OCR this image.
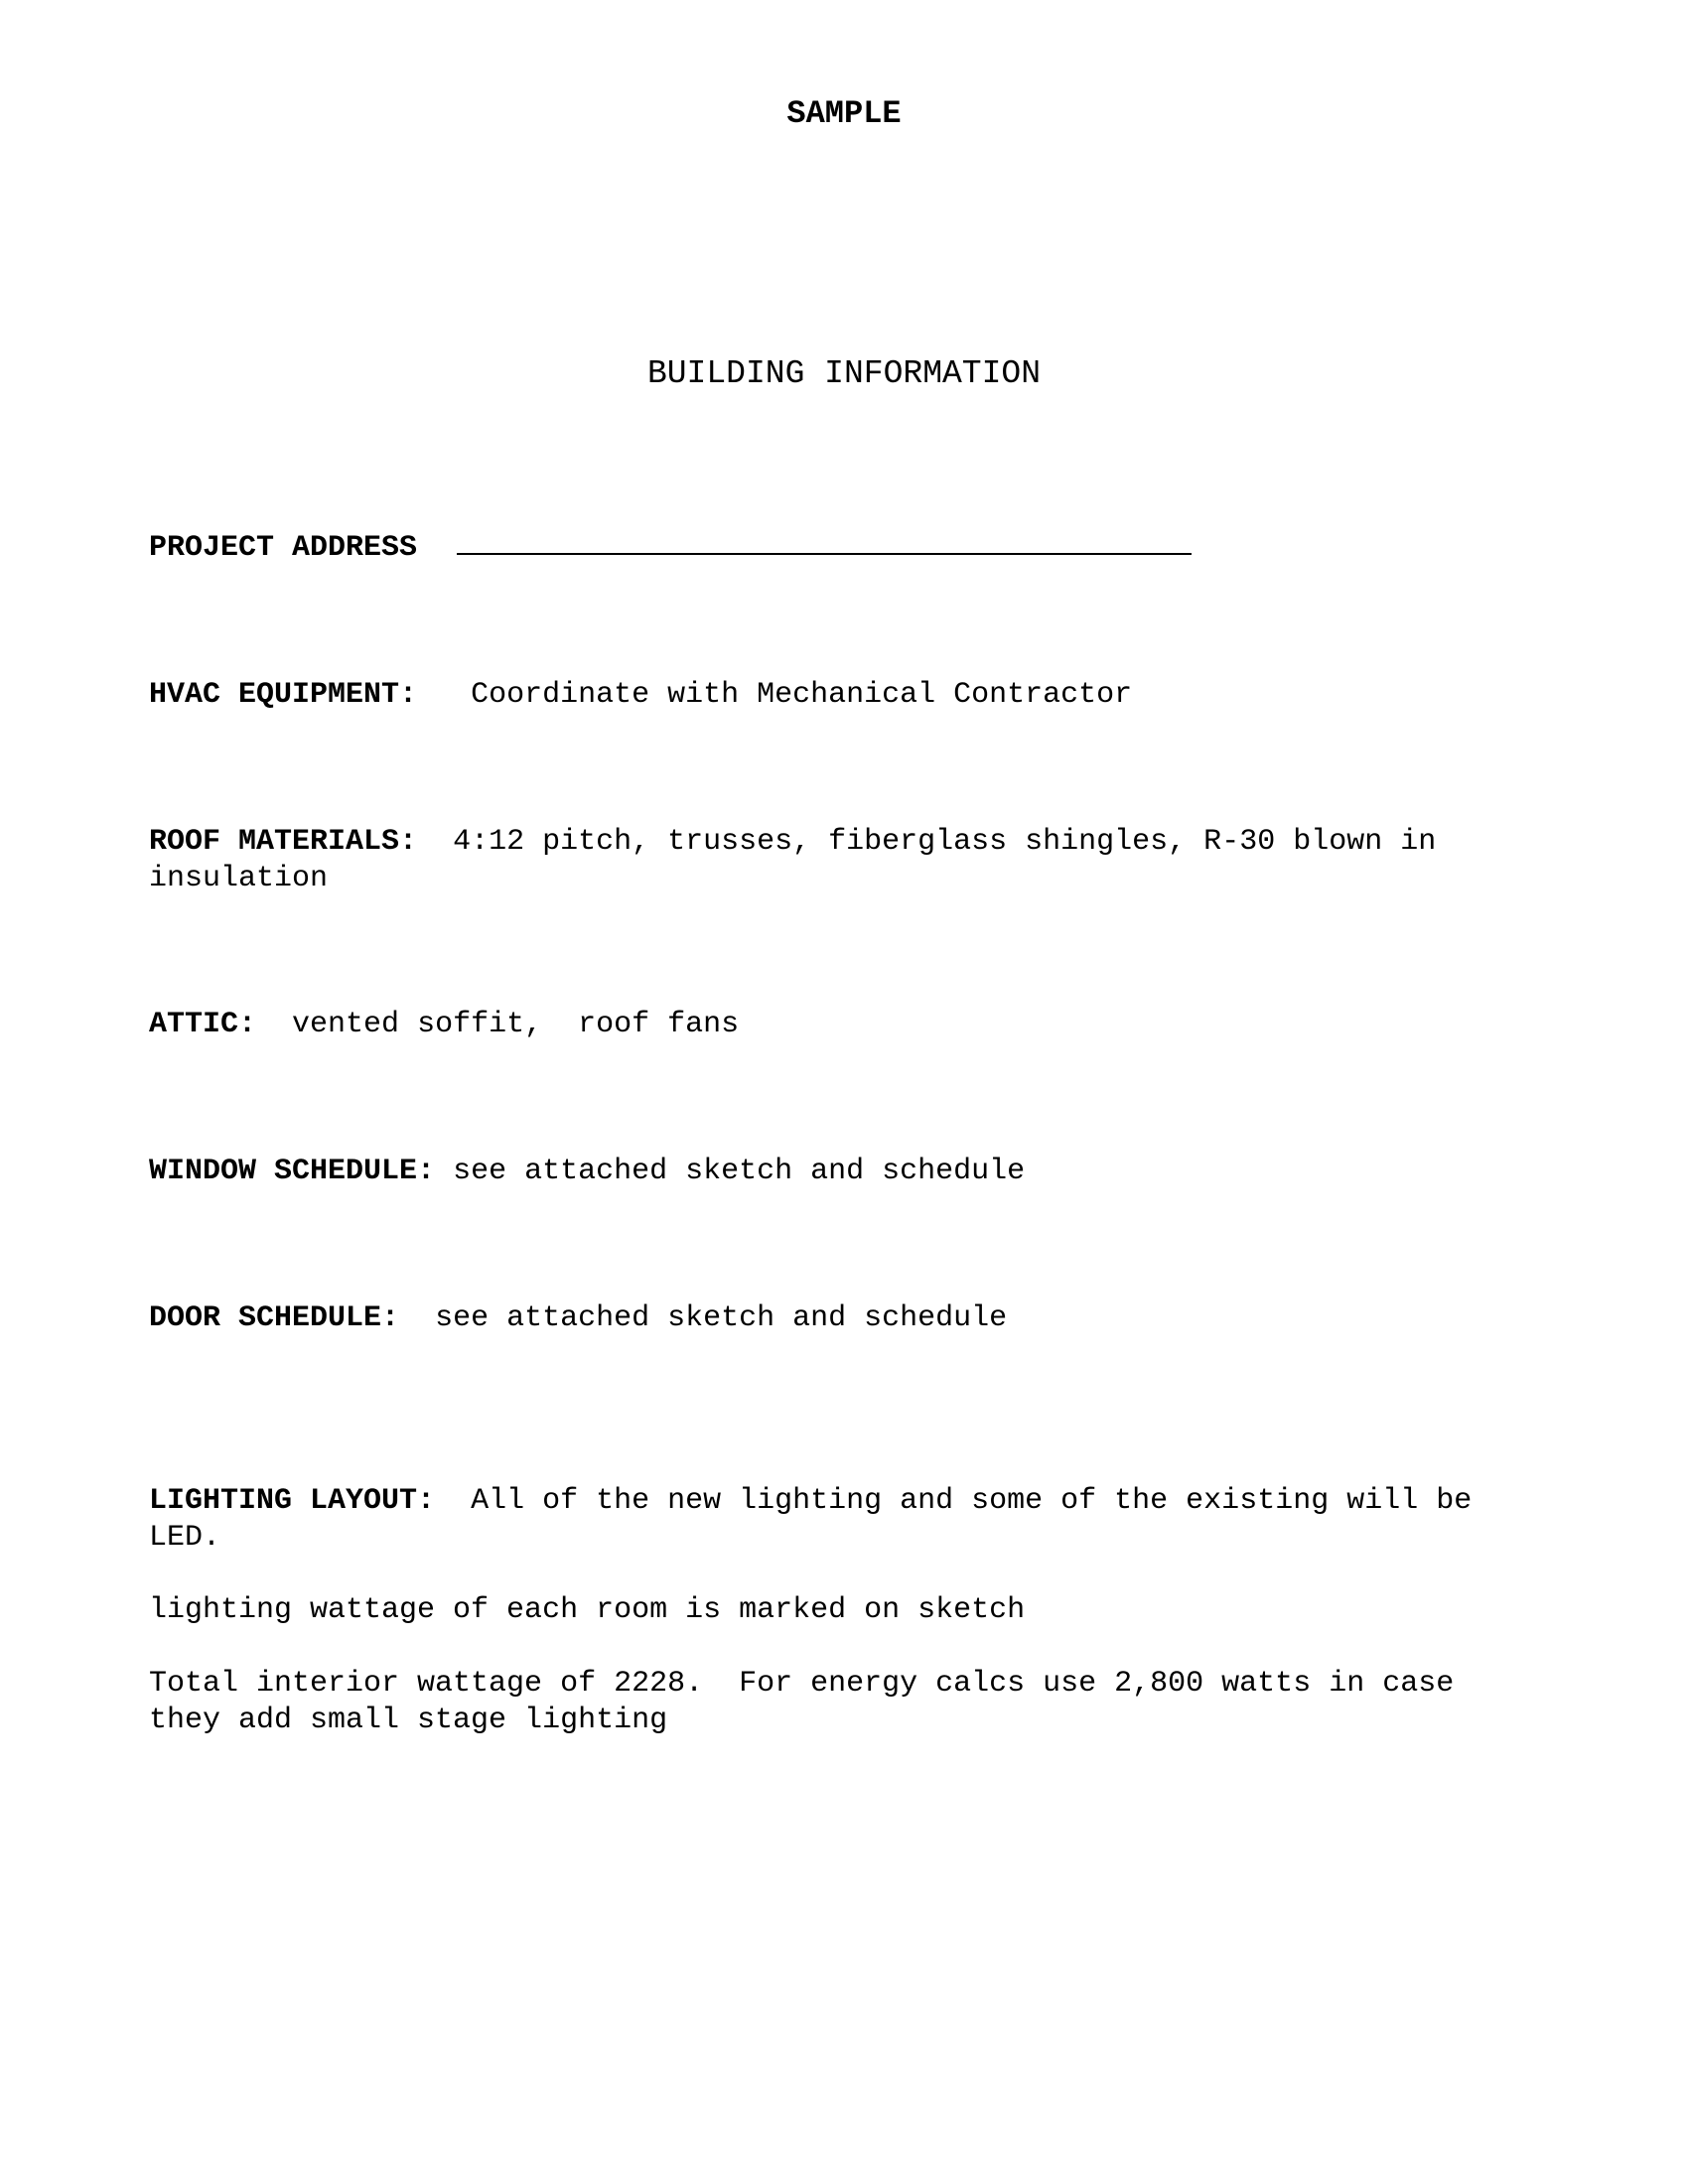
SAMPLE
BUILDING INFORMATION
PROJECT ADDRESS
HVAC EQUIPMENT: Coordinate with Mechanical Contractor
ROOF MATERIALS: 4:12 pitch, trusses, fiberglass shingles, R-30 blown in insulation
ATTIC: vented soffit,  roof fans
WINDOW SCHEDULE: see attached sketch and schedule
DOOR SCHEDULE: see attached sketch and schedule
LIGHTING LAYOUT: All of the new lighting and some of the existing will be LED.
lighting wattage of each room is marked on sketch
Total interior wattage of 2228.  For energy calcs use 2,800 watts in case they add small stage lighting
